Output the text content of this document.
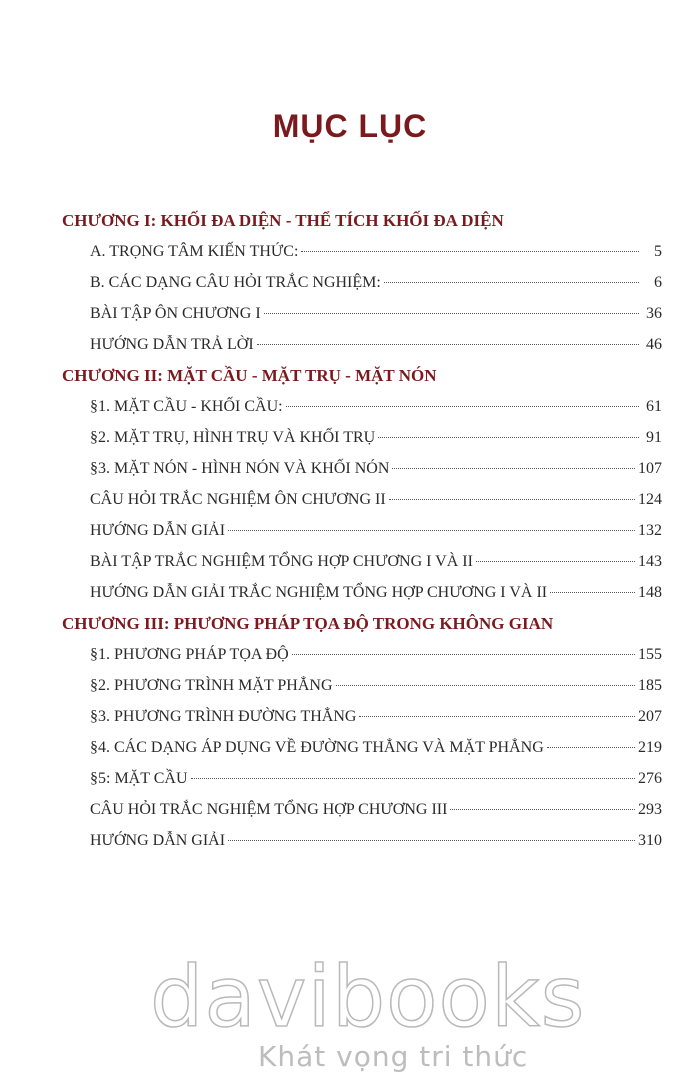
MỤC LỤC
CHƯƠNG I: KHỐI ĐA DIỆN - THỂ TÍCH KHỐI ĐA DIỆN
A. TRỌNG TÂM KIẾN THỨC:	5
B. CÁC DẠNG CÂU HỎI TRẮC NGHIỆM:	6
BÀI TẬP ÔN CHƯƠNG I	36
HƯỚNG DẪN TRẢ LỜI	46
CHƯƠNG II: MẶT CẦU - MẶT TRỤ - MẶT NÓN
§1. MẶT CẦU - KHỐI CẦU:	61
§2. MẶT TRỤ, HÌNH TRỤ VÀ KHỐI TRỤ	91
§3. MẶT NÓN - HÌNH NÓN VÀ KHỐI NÓN	107
CÂU HỎI TRẮC NGHIỆM ÔN CHƯƠNG II	124
HƯỚNG DẪN GIẢI	132
BÀI TẬP TRẮC NGHIỆM TỔNG HỢP CHƯƠNG I VÀ II	143
HƯỚNG DẪN GIẢI TRẮC NGHIỆM TỔNG HỢP CHƯƠNG I VÀ II	148
CHƯƠNG III: PHƯƠNG PHÁP TỌA ĐỘ TRONG KHÔNG GIAN
§1. PHƯƠNG PHÁP TỌA ĐỘ	155
§2. PHƯƠNG TRÌNH MẶT PHẲNG	185
§3. PHƯƠNG TRÌNH ĐƯỜNG THẲNG	207
§4. CÁC DẠNG ÁP DỤNG VỀ ĐƯỜNG THẲNG VÀ MẶT PHẲNG	219
§5: MẶT CẦU	276
CÂU HỎI TRẮC NGHIỆM TỔNG HỢP CHƯƠNG III	293
HƯỚNG DẪN GIẢI	310
davibooks
Khát vọng tri thức
